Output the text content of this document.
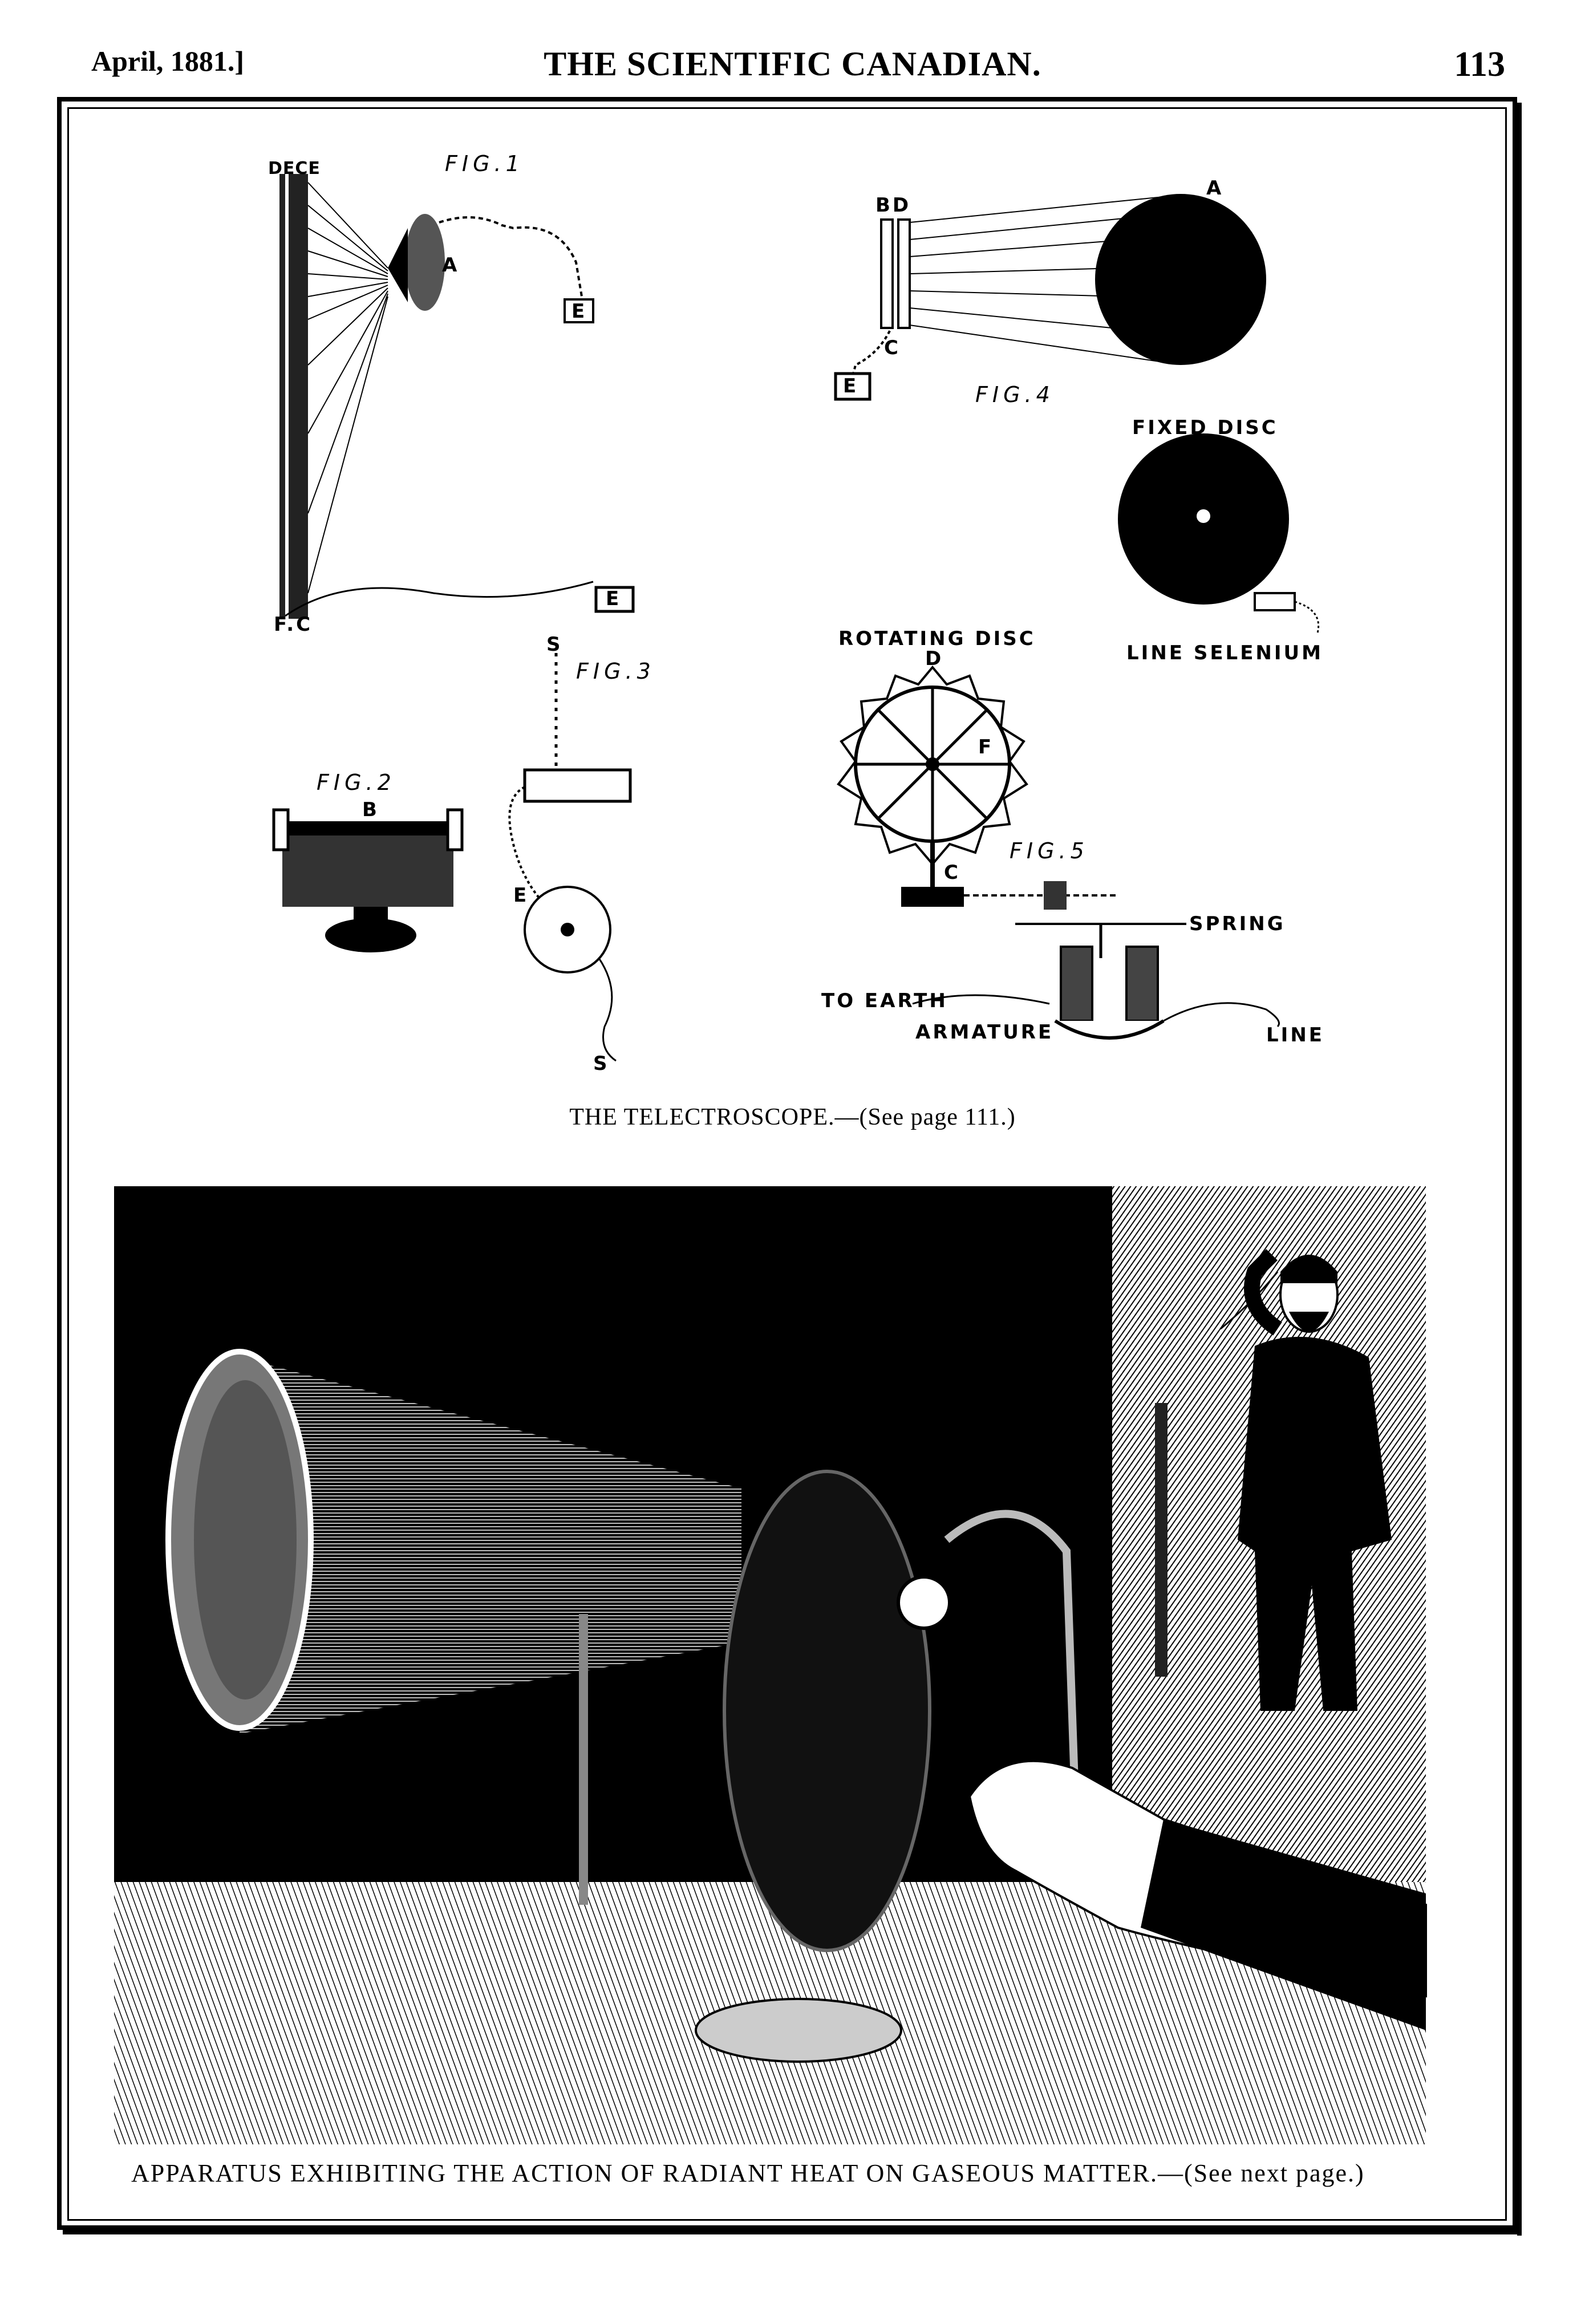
April, 1881.]	THE SCIENTIFIC CANADIAN.	113
FIG.1
DECE
A
E
F.C
E
FIG.2
B
FIG.3
S
E
S
BD
A
C
E	FIG.4
FIXED DISC
LINE SELENIUM
ROTATING DISC
D
F
FIG.5
C
SPRING
TO EARTH
ARMATURE	LINE
THE TELECTROSCOPE.—(See page 111.)
APPARATUS EXHIBITING THE ACTION OF RADIANT HEAT ON GASEOUS MATTER.—(See next page.)
